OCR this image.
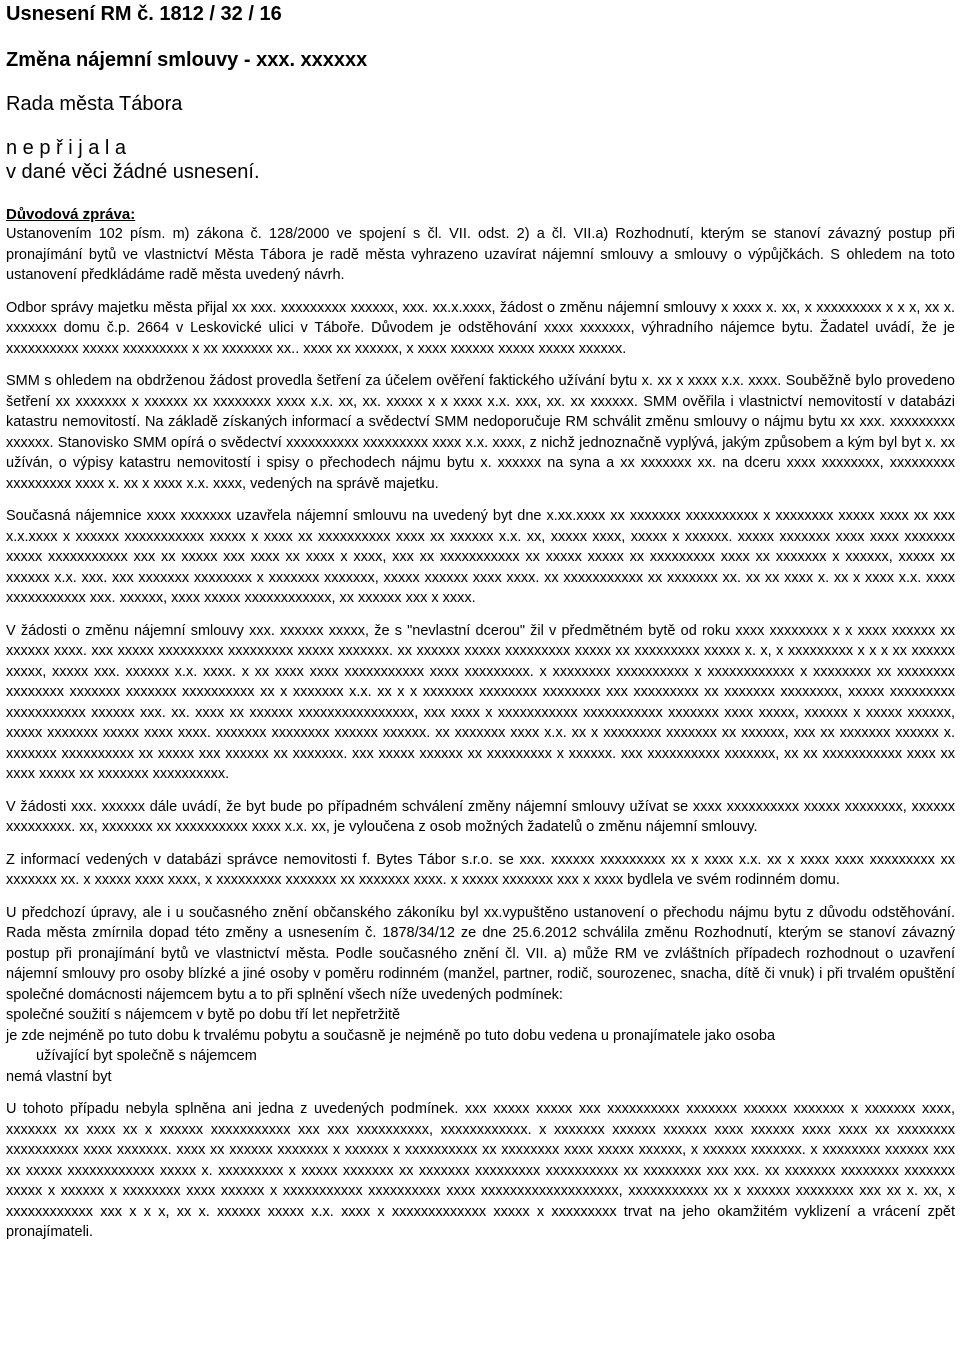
Usnesení RM č. 1812 / 32 / 16
Změna nájemní smlouvy - xxx. xxxxxx
Rada města Tábora
n e p ř i j a l a
v dané věci žádné usnesení.
Důvodová zpráva:

Ustanovením 102 písm. m) zákona č. 128/2000 ve spojení s čl. VII. odst. 2) a čl. VII.a) Rozhodnutí, kterým se stanoví závazný postup při pronajímání bytů ve vlastnictví Města Tábora je radě města vyhrazeno uzavírat nájemní smlouvy a smlouvy o výpůjčkách. S ohledem na toto ustanovení předkládáme radě města uvedený návrh.

Odbor správy majetku města přijal xx xxx. xxxxxxxxx xxxxxx, xxx. xx.x.xxxx, žádost o změnu nájemní smlouvy x xxxx x. xx, x xxxxxxxxx x x x, xx x. xxxxxxx domu č.p. 2664 v Leskovické ulici v Táboře. Důvodem je odstěhování xxxx xxxxxxx, výhradního nájemce bytu. Žadatel uvádí, že je xxxxxxxxxx xxxxx xxxxxxxxx x xx xxxxxxx xx.. xxxx xx xxxxxx, x xxxx xxxxxx xxxxx xxxxx xxxxxx.

SMM s ohledem na obdrženou žádost provedla šetření za účelem ověření faktického užívání bytu x. xx x xxxx x.x. xxxx. Souběžně bylo provedeno šetření xx xxxxxxx x xxxxxx xx xxxxxxxx xxxx x.x. xx, xx. xxxxx x x xxxx x.x. xxx, xx. xx xxxxxx. SMM ověřila i vlastnictví nemovitostí v databázi katastru nemovitostí. Na základě získaných informací a svědectví SMM nedoporučuje RM schválit změnu smlouvy o nájmu bytu xx xxx. xxxxxxxxx xxxxxx. Stanovisko SMM opírá o svědectví xxxxxxxxxx xxxxxxxxx xxxx x.x. xxxx, z nichž jednoznačně vyplývá, jakým způsobem a kým byl byt x. xx užíván, o výpisy katastru nemovitostí i spisy o přechodech nájmu bytu x. xxxxxx na syna a xx xxxxxxx xx. na dceru xxxx xxxxxxxx, xxxxxxxxx xxxxxxxxx xxxx x. xx x xxxx x.x. xxxx, vedených na správě majetku.

Současná nájemnice xxxx xxxxxxx uzavřela nájemní smlouvu na uvedený byt dne x.xx.xxxx xx xxxxxxx xxxxxxxxxx x xxxxxxxx xxxxx xxxx xx xxx x.x.xxxx x xxxxxx xxxxxxxxxxx xxxxx x xxxx xx xxxxxxxxxx xxxx xx xxxxxx x.x. xx, xxxxx xxxx, xxxxx x xxxxxx. xxxxx xxxxxxx xxxx xxxx xxxxxxx xxxxx xxxxxxxxxxx xxx xx xxxxx xxx xxxx xx xxxx x xxxx, xxx xx xxxxxxxxxxx xx xxxxx xxxxx xx xxxxxxxxx xxxx xx xxxxxxx x xxxxxx, xxxxx xx xxxxxx x.x. xxx. xxx xxxxxxx xxxxxxxx x xxxxxxx xxxxxxx, xxxxx xxxxxx xxxx xxxx. xx xxxxxxxxxxx xx xxxxxxx xx. xx xx xxxx x. xx x xxxx x.x. xxxx xxxxxxxxxxx xxx. xxxxxx, xxxx xxxxx xxxxxxxxxxxx, xx xxxxxx xxx x xxxx.

V žádosti o změnu nájemní smlouvy xxx. xxxxxx xxxxx, že s "nevlastní dcerou" žil v předmětném bytě od roku xxxx xxxxxxxx x x xxxx xxxxxx xx xxxxxx xxxx. xxx xxxxx xxxxxxxxx xxxxxxxxx xxxxx xxxxxxx. xx xxxxxx xxxxx xxxxxxxxx xxxxx xx xxxxxxxxx xxxxx x. x, x xxxxxxxxx x x x xx xxxxxx xxxxx, xxxxx xxx. xxxxxx x.x. xxxx. x xx xxxx xxxx xxxxxxxxxxx xxxx xxxxxxxxx. x xxxxxxxx xxxxxxxxxx x xxxxxxxxxxxx x xxxxxxxx xx xxxxxxxx xxxxxxxx xxxxxxx xxxxxxx xxxxxxxxxx xx x xxxxxxx x.x. xx x x xxxxxxx xxxxxxxx xxxxxxxx xxx xxxxxxxxx xx xxxxxxx xxxxxxxx, xxxxx xxxxxxxxx xxxxxxxxxxx xxxxxx xxx. xx. xxxx xx xxxxxx xxxxxxxxxxxxxxxx, xxx xxxx x xxxxxxxxxxx xxxxxxxxxxx xxxxxxx xxxx xxxxx, xxxxxx x xxxxx xxxxxx, xxxxx xxxxxxx xxxxx xxxx xxxx. xxxxxxx xxxxxxxx xxxxxx xxxxxx. xx xxxxxxx xxxx x.x. xx x xxxxxxxx xxxxxxx xx xxxxxx, xxx xx xxxxxxx xxxxxx x. xxxxxxx xxxxxxxxxx xx xxxxx xxx xxxxxx xx xxxxxxx. xxx xxxxx xxxxxx xx xxxxxxxxx x xxxxxx. xxx xxxxxxxxxx xxxxxxx, xx xx xxxxxxxxxxx xxxx xx xxxx xxxxx xx xxxxxxx xxxxxxxxxx.

V žádosti xxx. xxxxxx dále uvádí, že byt bude po případném schválení změny nájemní smlouvy užívat se xxxx xxxxxxxxxx xxxxx xxxxxxxx, xxxxxx xxxxxxxxx. xx, xxxxxxx xx xxxxxxxxxx xxxx x.x. xx, je vyloučena z osob možných žadatelů o změnu nájemní smlouvy.

Z informací vedených v databázi správce nemovitosti f. Bytes Tábor s.r.o. se xxx. xxxxxx xxxxxxxxx xx x xxxx x.x. xx x xxxx xxxx xxxxxxxxx xx xxxxxxx xx. x xxxxx xxxx xxxx, x xxxxxxxxx xxxxxxx xx xxxxxxx xxxx. x xxxxx xxxxxxx xxx x xxxx bydlela ve svém rodinném domu.

U předchozí úpravy, ale i u současného znění občanského zákoníku byl xx.vypuštěno ustanovení o přechodu nájmu bytu z důvodu odstěhování. Rada města zmírnila dopad této změny a usnesením č. 1878/34/12 ze dne 25.6.2012 schválila změnu Rozhodnutí, kterým se stanoví závazný postup při pronajímání bytů ve vlastnictví města. Podle současného znění čl. VII. a) může RM ve zvláštních případech rozhodnout o uzavření nájemní smlouvy pro osoby blízké a jiné osoby v poměru rodinném (manžel, partner, rodič, sourozenec, snacha, dítě či vnuk) i při trvalém opuštění společné domácnosti nájemcem bytu a to při splnění všech níže uvedených podmínek:

společné soužití s nájemcem v bytě po dobu tří let nepřetržitě

je zde nejméně po tuto dobu k trvalému pobytu a současně je nejméně po tuto dobu vedena u pronajímatele jako osoba

užívající byt společně s nájemcem

nemá vlastní byt

U tohoto případu nebyla splněna ani jedna z uvedených podmínek. xxx xxxxx xxxxx xxx xxxxxxxxxx xxxxxxx xxxxxx xxxxxxx x xxxxxxx xxxx, xxxxxxx xx xxxx xx x xxxxxx xxxxxxxxxxx xxx xxx xxxxxxxxxx, xxxxxxxxxxxx. x xxxxxxx xxxxxx xxxxxx xxxx xxxxxx xxxx xxxx xx xxxxxxxx xxxxxxxxxx xxxx xxxxxxx. xxxx xx xxxxxx xxxxxxx x xxxxxx x xxxxxxxxxx xx xxxxxxxx xxxx xxxxx xxxxxx, x xxxxxx xxxxxxx. x xxxxxxxx xxxxxx xxx xx xxxxx xxxxxxxxxxxx xxxxx x. xxxxxxxxx x xxxxx xxxxxxx xx xxxxxxx xxxxxxxxx xxxxxxxxxx xx xxxxxxxx xxx xxx. xx xxxxxxx xxxxxxxx xxxxxxx xxxxx x xxxxxx x xxxxxxxx xxxx xxxxxx x xxxxxxxxxxx xxxxxxxxxx xxxx xxxxxxxxxxxxxxxxxxx, xxxxxxxxxxx xx x xxxxxx xxxxxxxx xxx xx x. xx, x xxxxxxxxxxxx xxx x x x, xx x. xxxxxx xxxxx x.x. xxxx x xxxxxxxxxxxxx xxxxx x xxxxxxxxx trvat na jeho okamžitém vyklizení a vrácení zpět pronajímateli.
